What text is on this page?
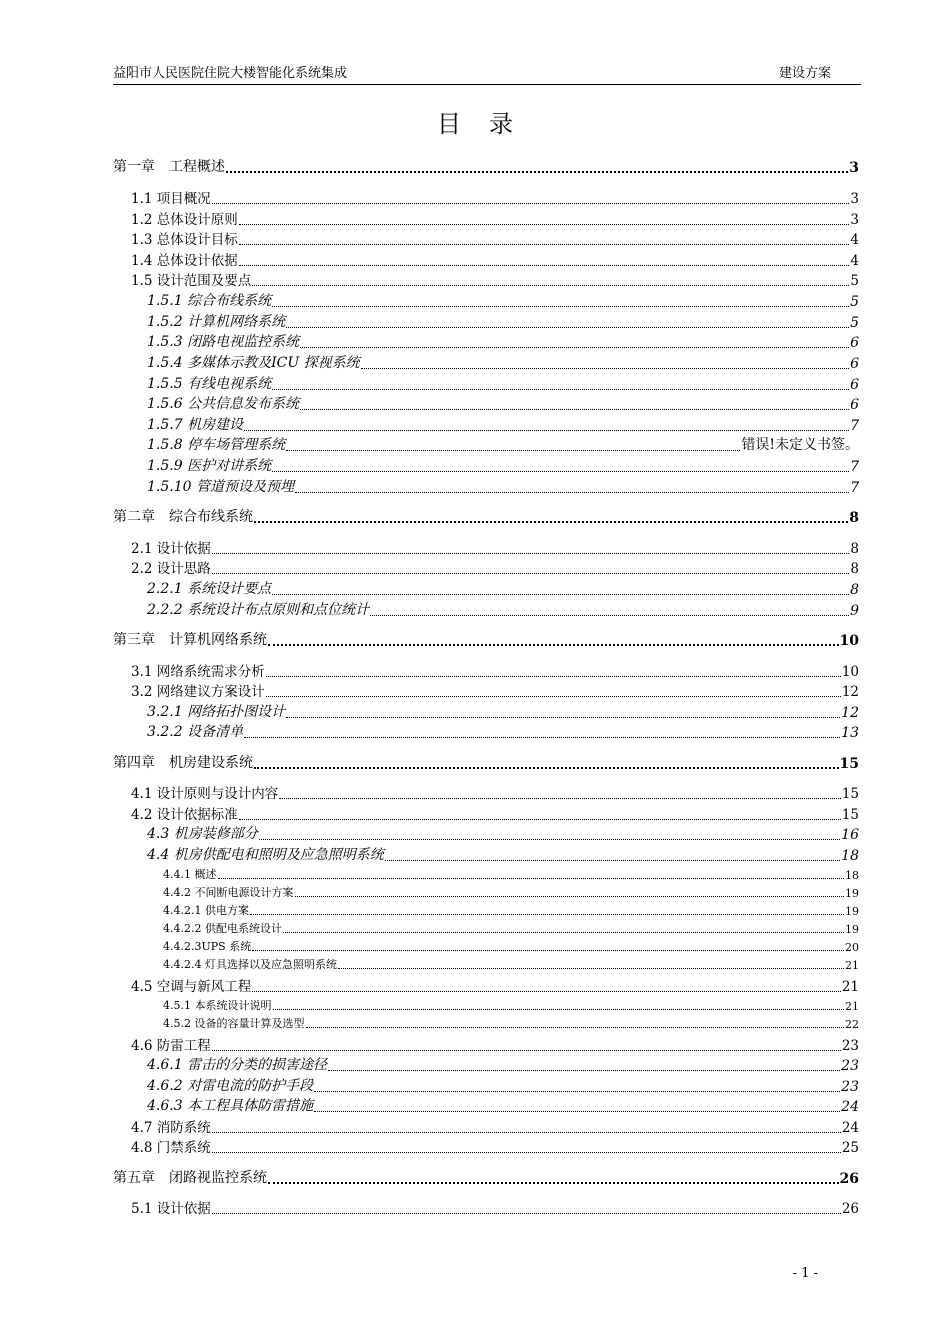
益阳市人民医院住院大楼智能化系统集成	建设方案
目录
第一章　工程概述	3
1.1 项目概况	3
1.2 总体设计原则	3
1.3 总体设计目标	4
1.4 总体设计依据	4
1.5 设计范围及要点	5
1.5.1 综合布线系统	5
1.5.2 计算机网络系统	5
1.5.3 闭路电视监控系统	6
1.5.4 多媒体示教及ICU 探视系统	6
1.5.5 有线电视系统	6
1.5.6 公共信息发布系统	6
1.5.7 机房建设	7
1.5.8 停车场管理系统	错误!未定义书签。
1.5.9 医护对讲系统	7
1.5.10 管道预设及预埋	7
第二章　综合布线系统	8
2.1 设计依据	8
2.2 设计思路	8
2.2.1 系统设计要点	8
2.2.2 系统设计布点原则和点位统计	9
第三章　计算机网络系统	10
3.1 网络系统需求分析	10
3.2 网络建议方案设计	12
3.2.1 网络拓扑图设计	12
3.2.2 设备清单	13
第四章　机房建设系统	15
4.1 设计原则与设计内容	15
4.2 设计依据标准	15
4.3 机房装修部分	16
4.4 机房供配电和照明及应急照明系统	18
4.4.1 概述	18
4.4.2 不间断电源设计方案	19
4.4.2.1 供电方案	19
4.4.2.2 供配电系统设计	19
4.4.2.3UPS 系统	20
4.4.2.4 灯具选择以及应急照明系统	21
4.5 空调与新风工程	21
4.5.1 本系统设计说明	21
4.5.2 设备的容量计算及选型	22
4.6 防雷工程	23
4.6.1 雷击的分类的损害途径	23
4.6.2 对雷电流的防护手段	23
4.6.3 本工程具体防雷措施	24
4.7 消防系统	24
4.8 门禁系统	25
第五章　闭路视监控系统	26
5.1 设计依据	26
- 1 -
